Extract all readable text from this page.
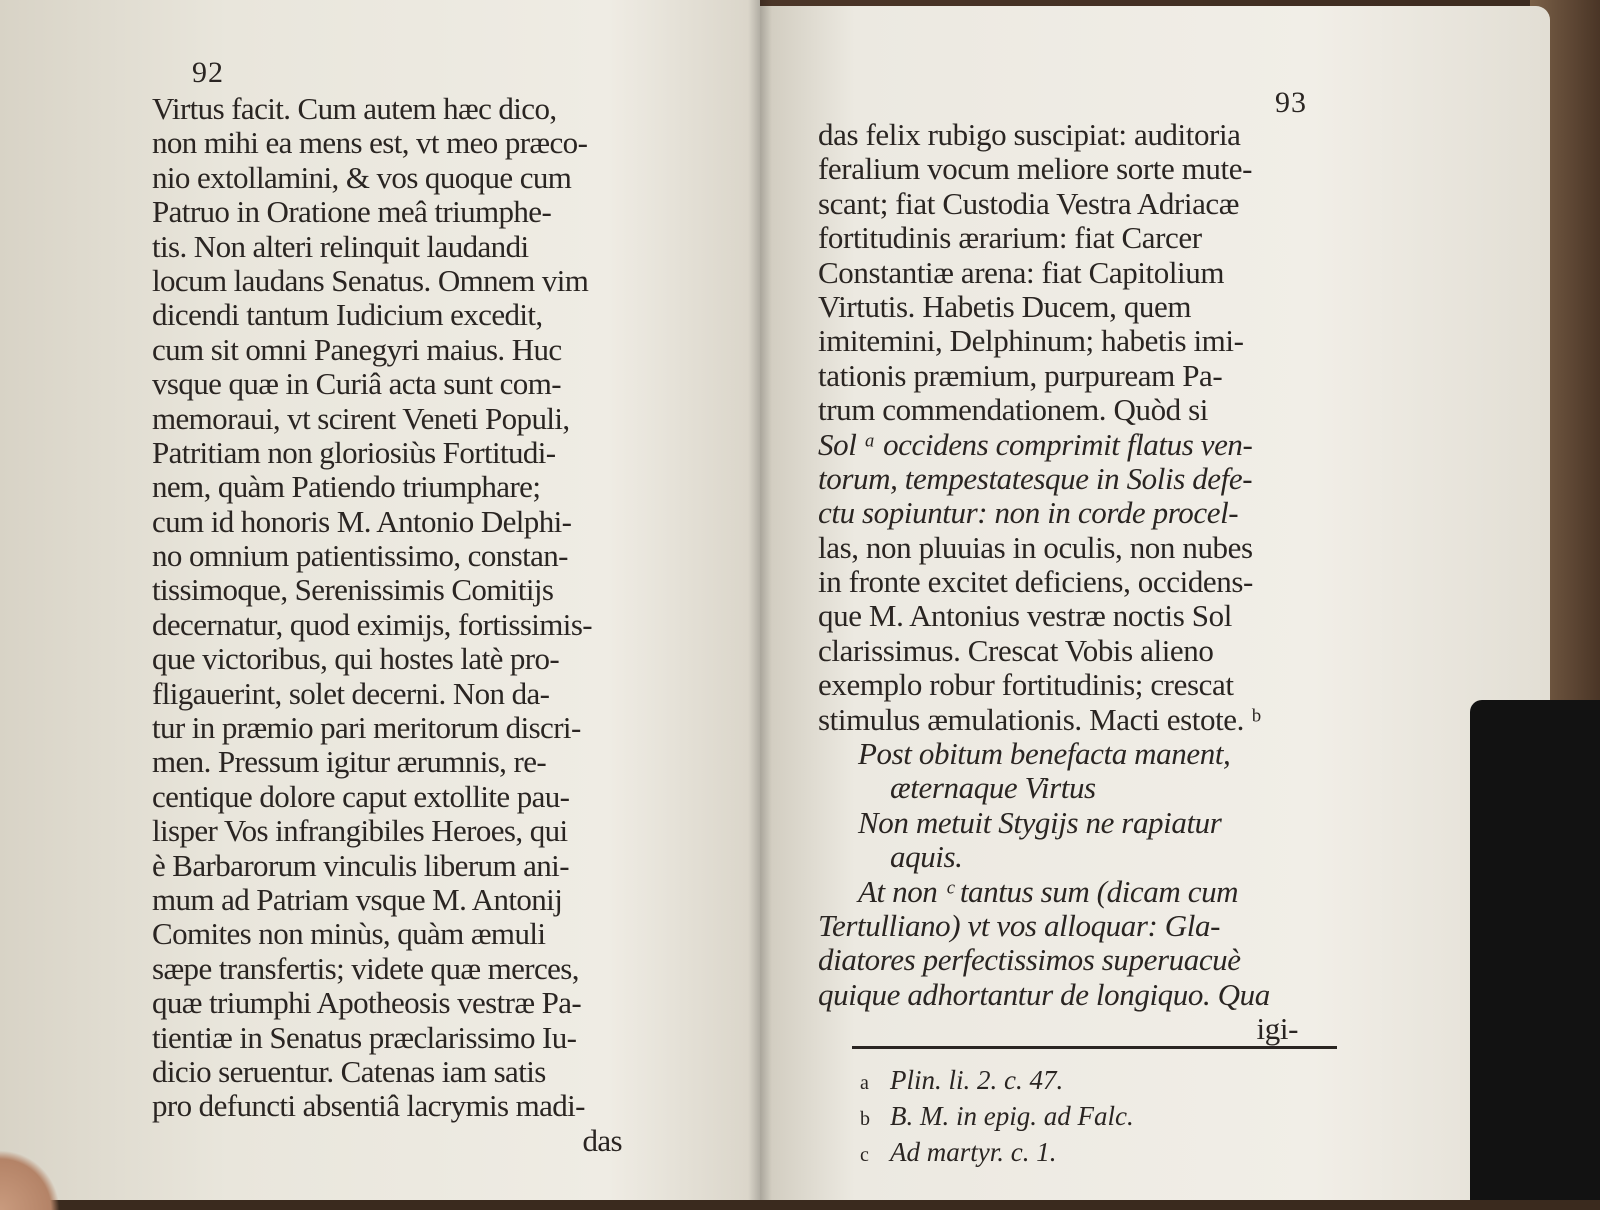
92
Virtus facit. Cum autem hæc dico,
non mihi ea mens est, vt meo præco-
nio extollamini, & vos quoque cum
Patruo in Oratione meâ triumphe-
tis. Non alteri relinquit laudandi
locum laudans Senatus. Omnem vim
dicendi tantum Iudicium excedit,
cum sit omni Panegyri maius. Huc
vsque quæ in Curiâ acta sunt com-
memoraui, vt scirent Veneti Populi,
Patritiam non gloriosiùs Fortitudi-
nem, quàm Patiendo triumphare;
cum id honoris M. Antonio Delphi-
no omnium patientissimo, constan-
tissimoque, Serenissimis Comitijs
decernatur, quod eximijs, fortissimis-
que victoribus, qui hostes latè pro-
fligauerint, solet decerni. Non da-
tur in præmio pari meritorum discri-
men. Pressum igitur ærumnis, re-
centique dolore caput extollite pau-
lisper Vos infrangibiles Heroes, qui
è Barbarorum vinculis liberum ani-
mum ad Patriam vsque M. Antonij
Comites non minùs, quàm æmuli
sæpe transfertis; videte quæ merces,
quæ triumphi Apotheosis vestræ Pa-
tientiæ in Senatus præclarissimo Iu-
dicio seruentur. Catenas iam satis
pro defuncti absentiâ lacrymis madi-
das
93
das felix rubigo suscipiat: auditoria
feralium vocum meliore sorte mute-
scant; fiat Custodia Vestra Adriacæ
fortitudinis ærarium: fiat Carcer
Constantiæ arena: fiat Capitolium
Virtutis. Habetis Ducem, quem
imitemini, Delphinum; habetis imi-
tationis præmium, purpuream Pa-
trum commendationem. Quòd si
Sol ᵃ occidens comprimit flatus ven-
torum, tempestatesque in Solis defe-
ctu sopiuntur: non in corde procel-
las, non pluuias in oculis, non nubes
in fronte excitet deficiens, occidens-
que M. Antonius vestræ noctis Sol
clarissimus. Crescat Vobis alieno
exemplo robur fortitudinis; crescat
stimulus æmulationis. Macti estote. ᵇ
Post obitum benefacta manent,
æternaque Virtus
Non metuit Stygijs ne rapiatur
aquis.
At non ᶜ tantus sum (dicam cum
Tertulliano) vt vos alloquar: Gla-
diatores perfectissimos superuacuè
quique adhortantur de longiquo. Qua
igi-
a Plin. li. 2. c. 47.
b B. M. in epig. ad Falc.
c Ad martyr. c. 1.
